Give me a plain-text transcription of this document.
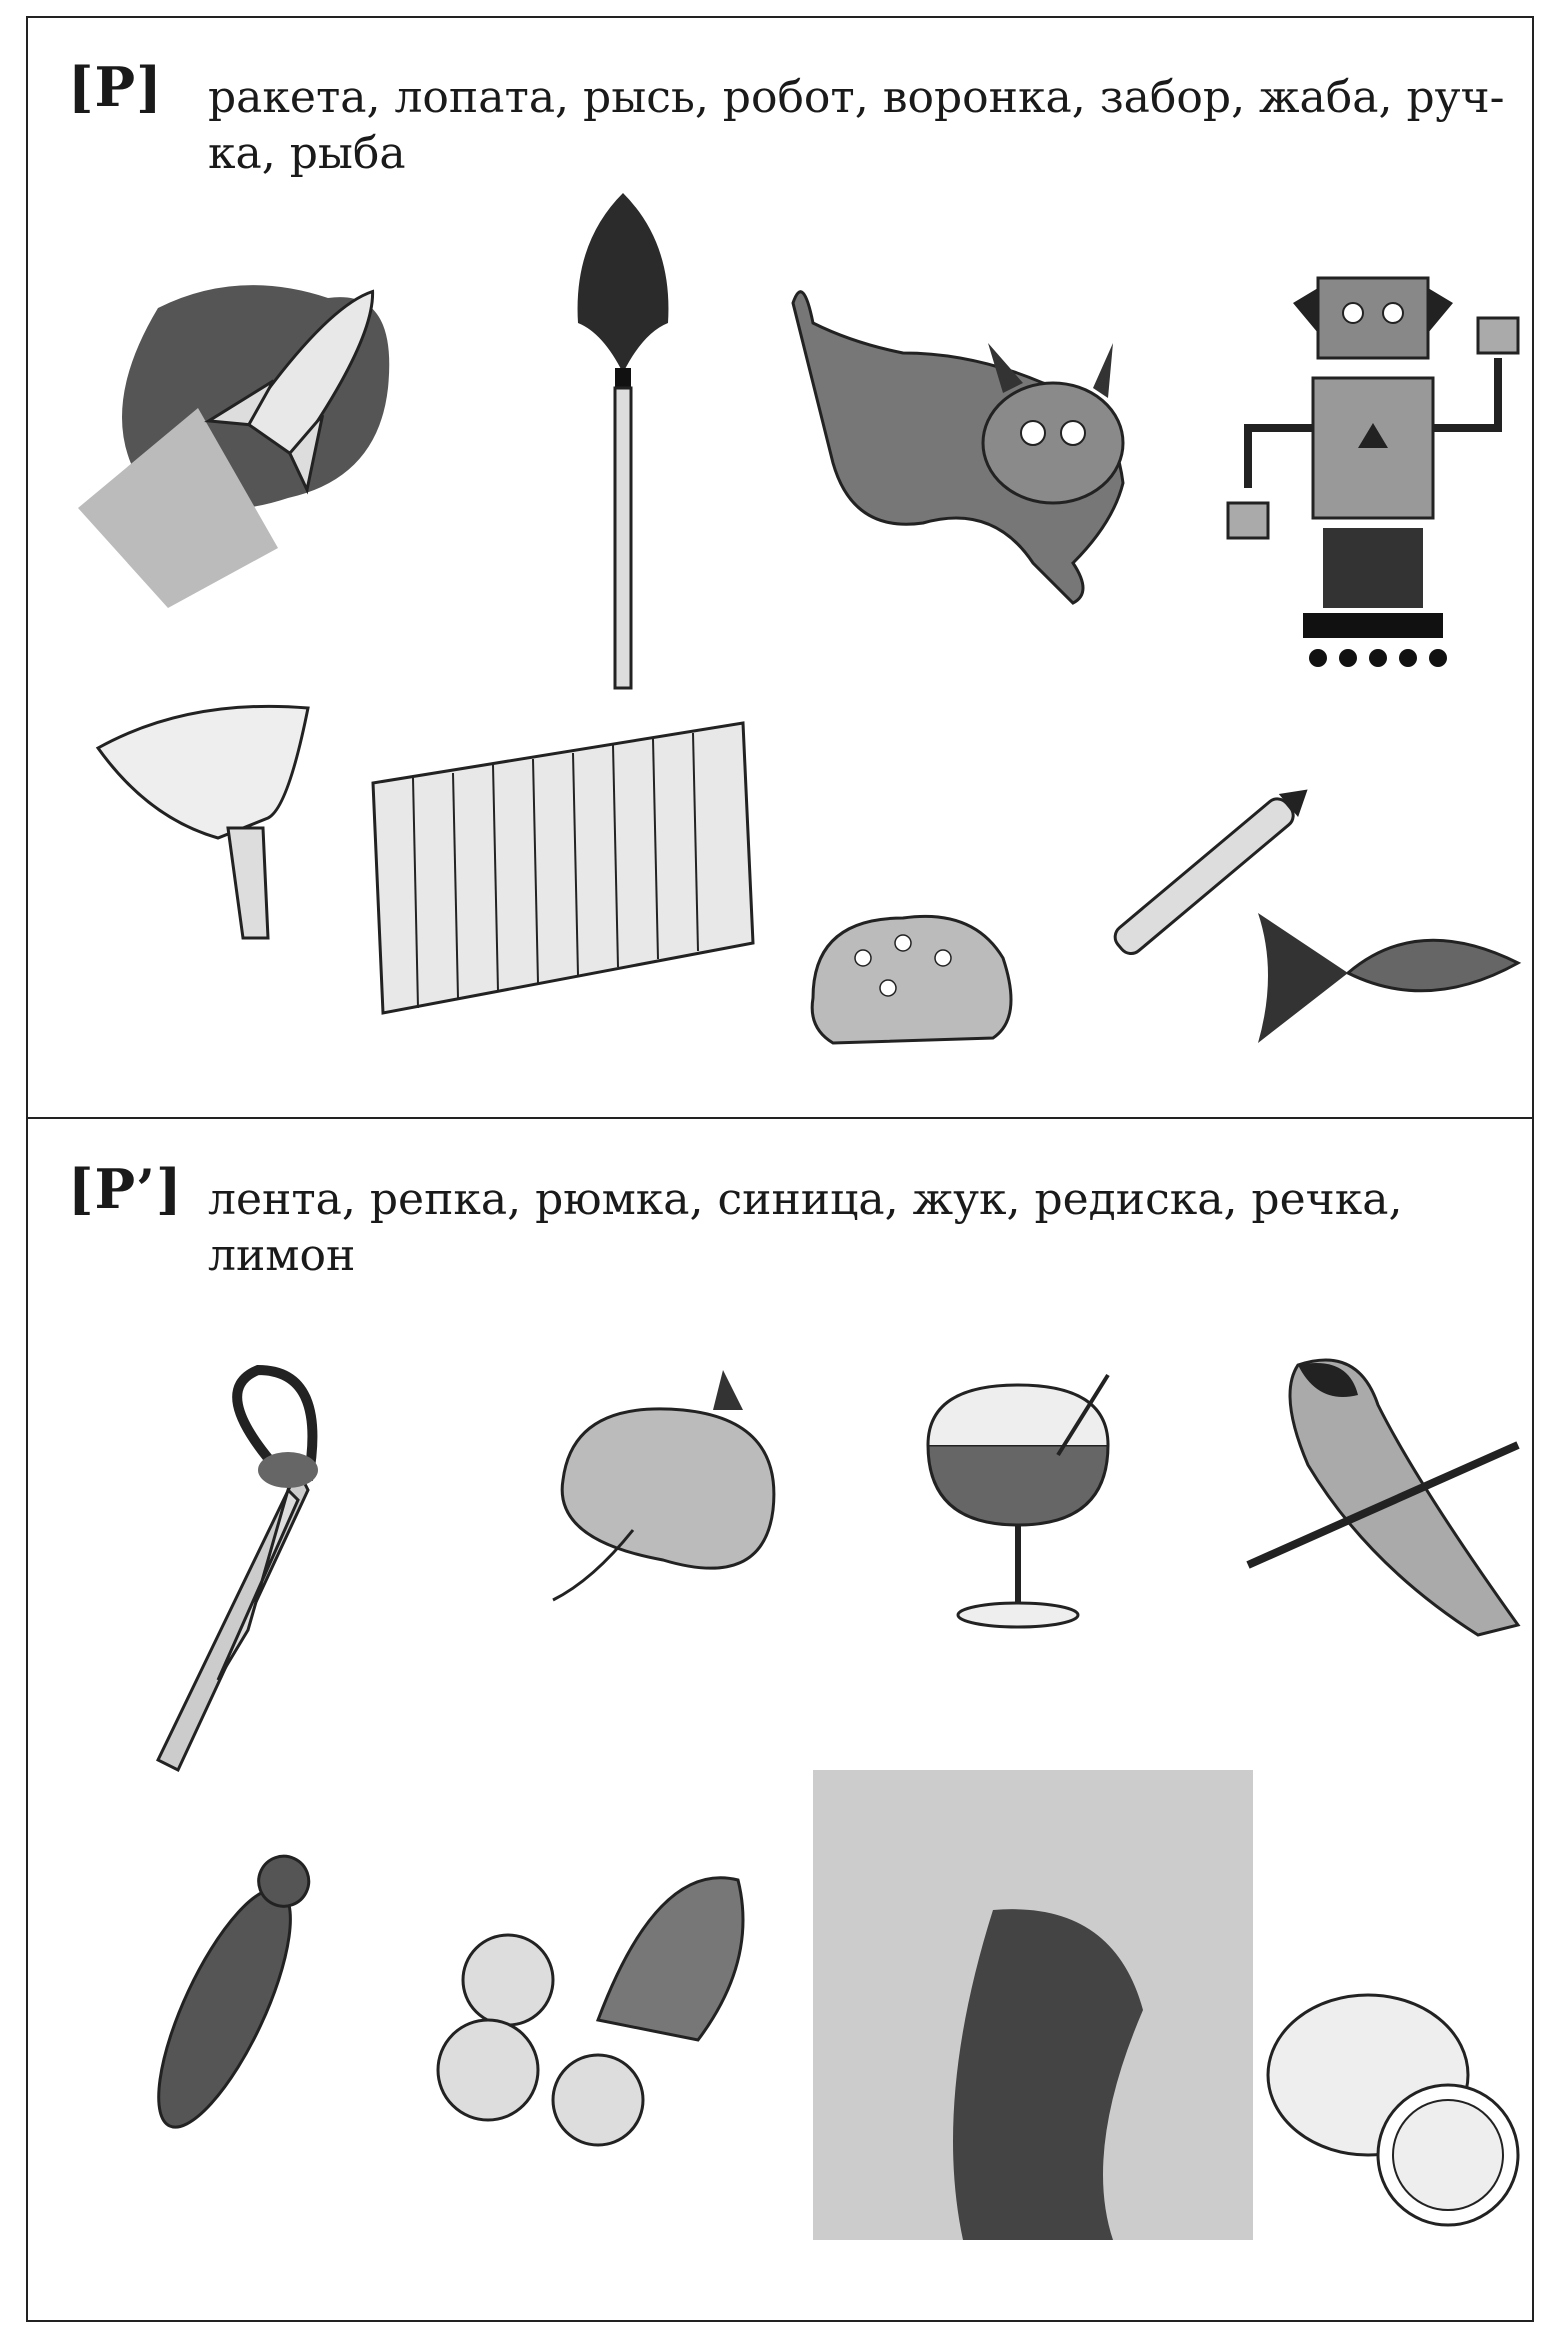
[Р] ракета, лопата, рысь, робот, воронка, забор, жаба, руч-
ка, рыба
[Р’] лента, репка, рюмка, синица, жук, редиска, речка,
лимон
